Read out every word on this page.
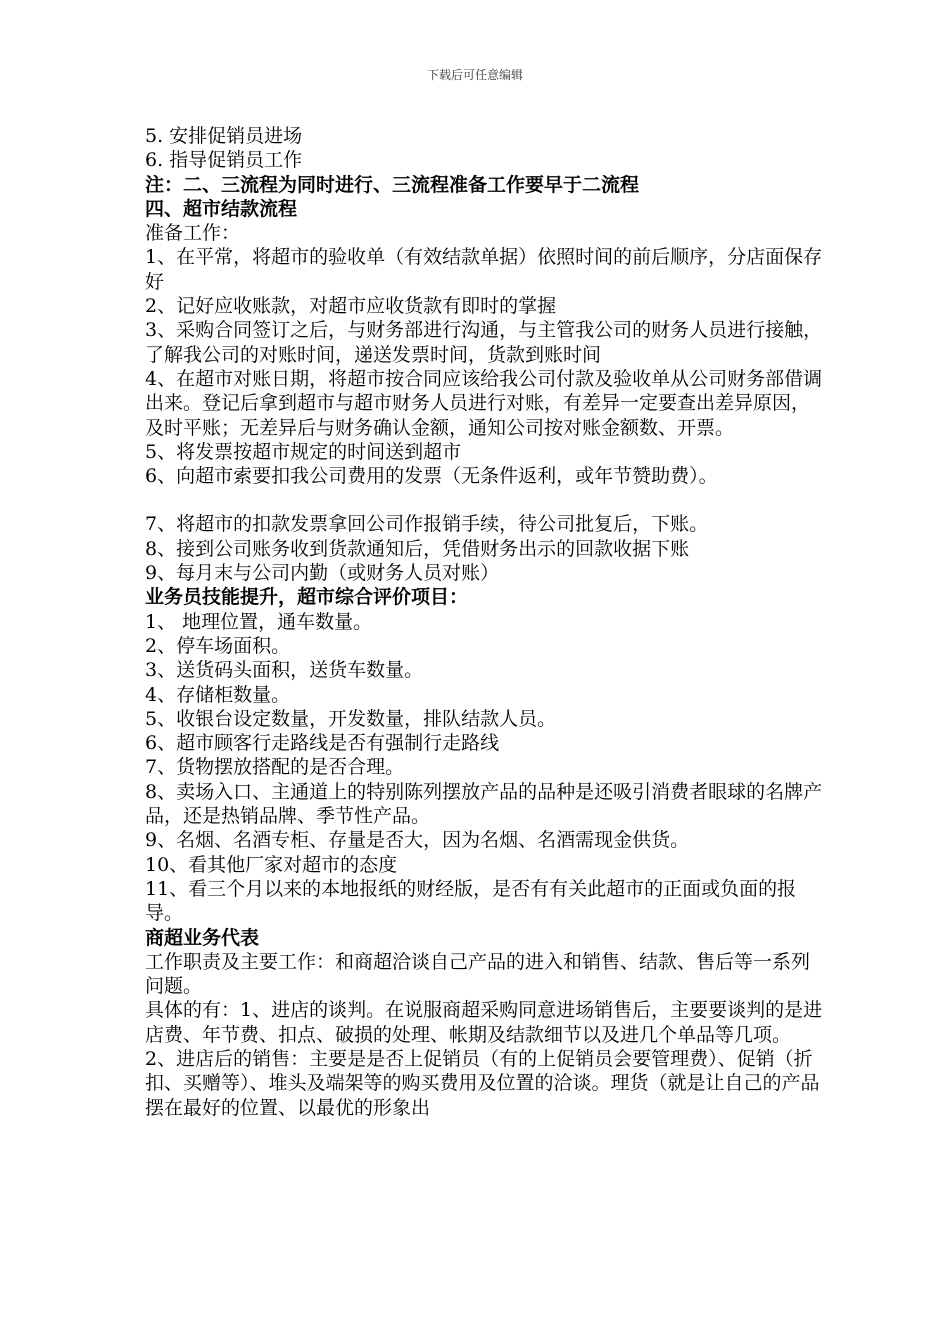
下载后可任意编辑

5. 安排促销员进场

6. 指导促销员工作

注：二、三流程为同时进行、三流程准备工作要早于二流程

四、超市结款流程

准备工作：

1、在平常，将超市的验收单（有效结款单据）依照时间的前后顺序，分店面保存好

2、记好应收账款，对超市应收货款有即时的掌握

3、采购合同签订之后，与财务部进行沟通，与主管我公司的财务人员进行接触，了解我公司的对账时间，递送发票时间，货款到账时间

4、在超市对账日期，将超市按合同应该给我公司付款及验收单从公司财务部借调出来。登记后拿到超市与超市财务人员进行对账，有差异一定要查出差异原因，及时平账；无差异后与财务确认金额，通知公司按对账金额数、开票。

5、将发票按超市规定的时间送到超市

6、向超市索要扣我公司费用的发票（无条件返利，或年节赞助费）。

7、将超市的扣款发票拿回公司作报销手续，待公司批复后，下账。

8、接到公司账务收到货款通知后，凭借财务出示的回款收据下账

9、每月末与公司内勤（或财务人员对账）

业务员技能提升，超市综合评价项目：

1、 地理位置，通车数量。

2、停车场面积。

3、送货码头面积，送货车数量。

4、存储柜数量。

5、收银台设定数量，开发数量，排队结款人员。

6、超市顾客行走路线是否有强制行走路线

7、货物摆放搭配的是否合理。

8、卖场入口、主通道上的特别陈列摆放产品的品种是还吸引消费者眼球的名牌产品，还是热销品牌、季节性产品。

9、名烟、名酒专柜、存量是否大，因为名烟、名酒需现金供货。

10、看其他厂家对超市的态度

11、看三个月以来的本地报纸的财经版，是否有有关此超市的正面或负面的报导。

商超业务代表

工作职责及主要工作：和商超洽谈自己产品的进入和销售、结款、售后等一系列问题。

具体的有：1、进店的谈判。在说服商超采购同意进场销售后，主要要谈判的是进店费、年节费、扣点、破损的处理、帐期及结款细节以及进几个单品等几项。

2、进店后的销售：主要是是否上促销员（有的上促销员会要管理费）、促销（折扣、买赠等）、堆头及端架等的购买费用及位置的洽谈。理货（就是让自己的产品摆在最好的位置、以最优的形象出
